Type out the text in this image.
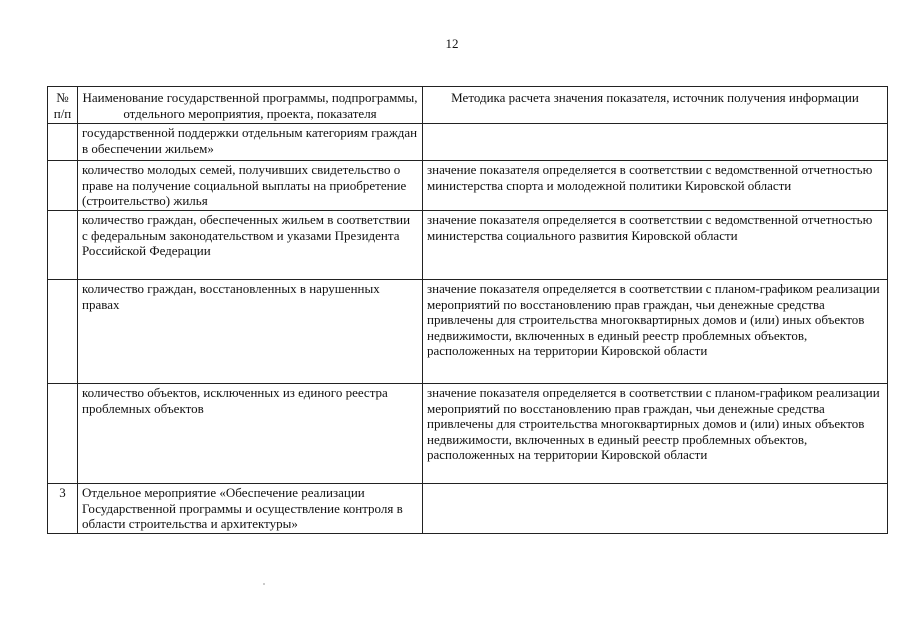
12
№ п/п	Наименование государственной программы, подпрограммы, отдельного мероприятия, проекта, показателя	Методика расчета значения показателя, источник получения информации
	государственной поддержки отдельным категориям граждан в обеспечении жильем»	
	количество молодых семей, получивших свидетельство о праве на получение социальной выплаты на приобретение (строительство) жилья	значение показателя определяется в соответствии с ведомственной отчетностью министерства спорта и молодежной политики Кировской области
	количество граждан, обеспеченных жильем в соответствии с федеральным законодательством и указами Президента Российской Федерации	значение показателя определяется в соответствии с ведомственной отчетностью министерства социального развития Кировской области
	количество граждан, восстановленных в нарушенных правах	значение показателя определяется в соответствии с планом-графиком реализации мероприятий по восстановлению прав граждан, чьи денежные средства привлечены для строительства многоквартирных домов и (или) иных объектов недвижимости, включенных в единый реестр проблемных объектов, расположенных на территории Кировской области
	количество объектов, исключенных из единого реестра проблемных объектов	значение показателя определяется в соответствии с планом-графиком реализации мероприятий по восстановлению прав граждан, чьи денежные средства привлечены для строительства многоквартирных домов и (или) иных объектов недвижимости, включенных в единый реестр проблемных объектов, расположенных на территории Кировской области
3	Отдельное мероприятие «Обеспечение реализации Государственной программы и осуществление контроля в области строительства и архитектуры»	
